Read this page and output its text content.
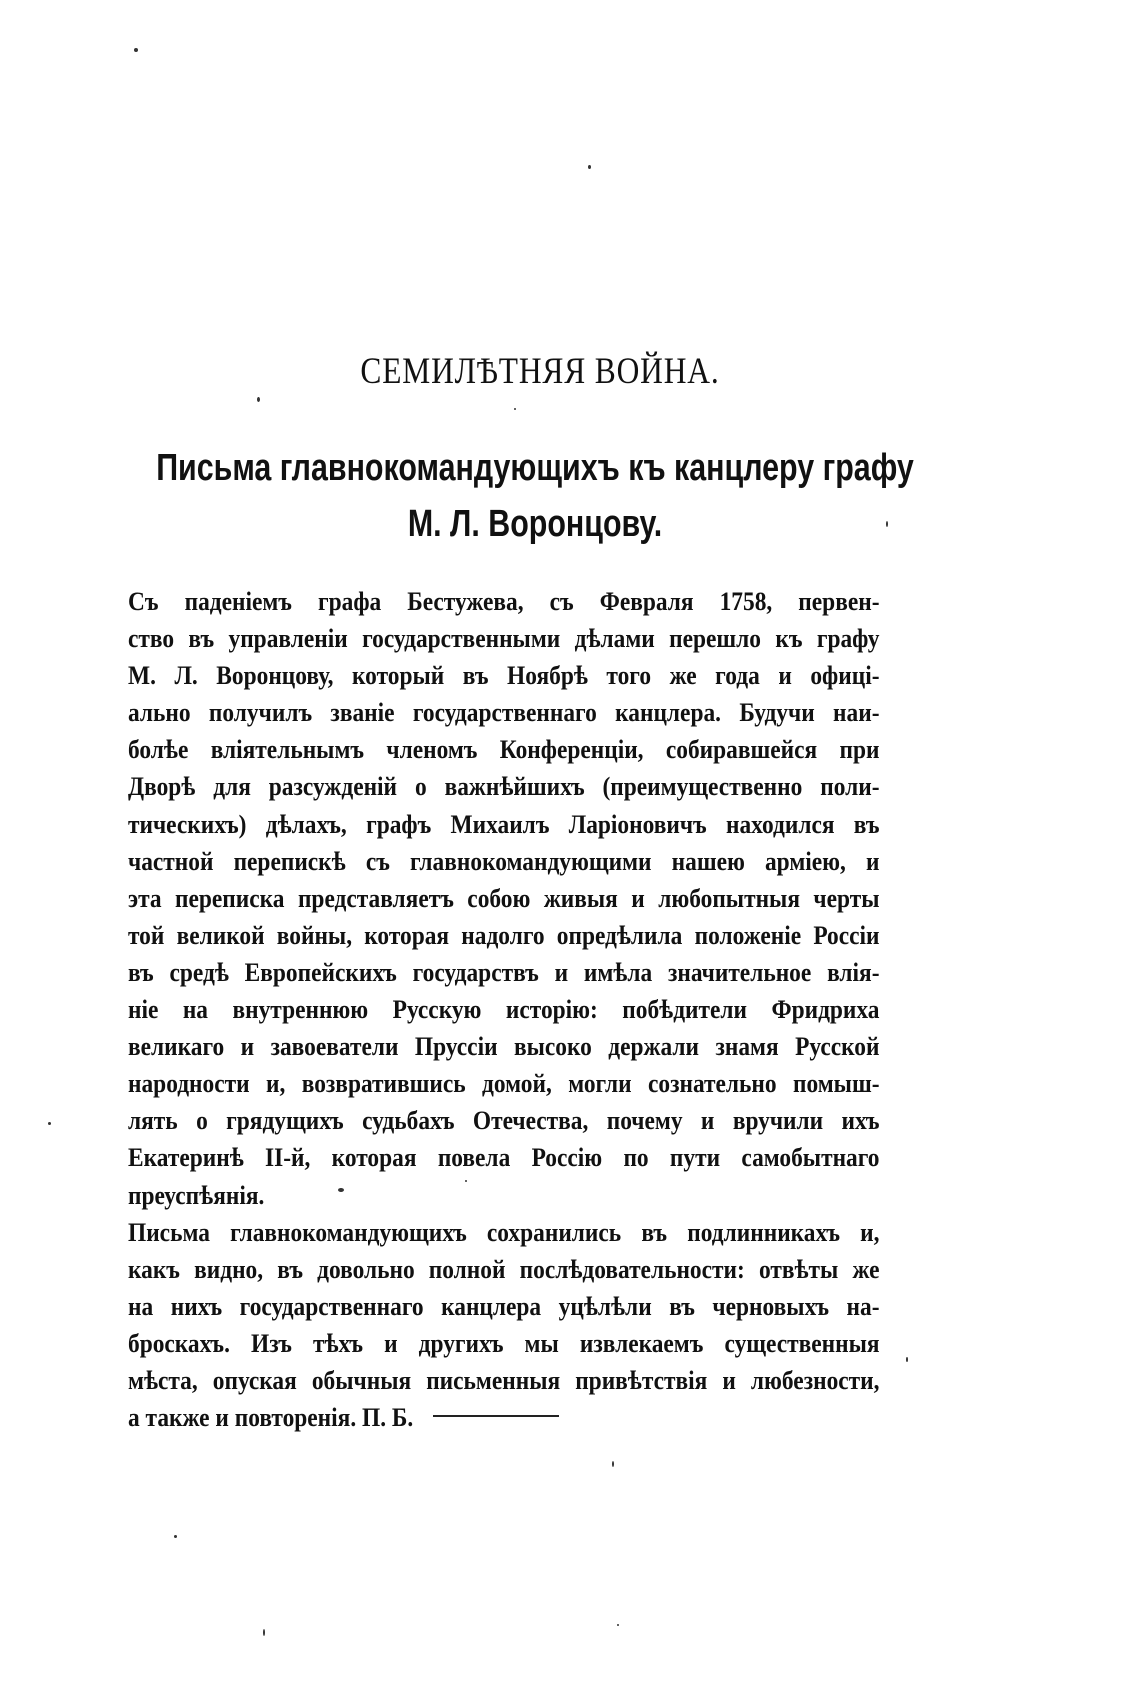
СЕМИЛѢТНЯЯ ВОЙНА.
Письма главнокомандующихъ къ канцлеру графу
М. Л. Воронцову.
Съ паденіемъ графа Бестужева, съ Февраля 1758, первен-
ство въ управленіи государственными дѣлами перешло къ графу
М. Л. Воронцову, который въ Ноябрѣ того же года и офиці-
ально получилъ званіе государственнаго канцлера. Будучи наи-
болѣе вліятельнымъ членомъ Конференціи, собиравшейся при
Дворѣ для разсужденій о важнѣйшихъ (преимущественно поли-
тическихъ) дѣлахъ, графъ Михаилъ Ларіоновичъ находился въ
частной перепискѣ съ главнокомандующими нашею арміею, и
эта переписка представляетъ собою живыя и любопытныя черты
той великой войны, которая надолго опредѣлила положеніе Россіи
въ средѣ Европейскихъ государствъ и имѣла значительное влія-
ніе на внутреннюю Русскую исторію: побѣдители Фридриха
великаго и завоеватели Пруссіи высоко держали знамя Русской
народности и, возвратившись домой, могли сознательно помыш-
лять о грядущихъ судьбахъ Отечества, почему и вручили ихъ
Екатеринѣ II-й, которая повела Россію по пути самобытнаго
преуспѣянія.
Письма главнокомандующихъ сохранились въ подлинникахъ и,
какъ видно, въ довольно полной послѣдовательности: отвѣты же
на нихъ государственнаго канцлера уцѣлѣли въ черновыхъ на-
броскахъ. Изъ тѣхъ и другихъ мы извлекаемъ существенныя
мѣста, опуская обычныя письменныя привѣтствія и любезности,
а также и повторенія. П. Б.
